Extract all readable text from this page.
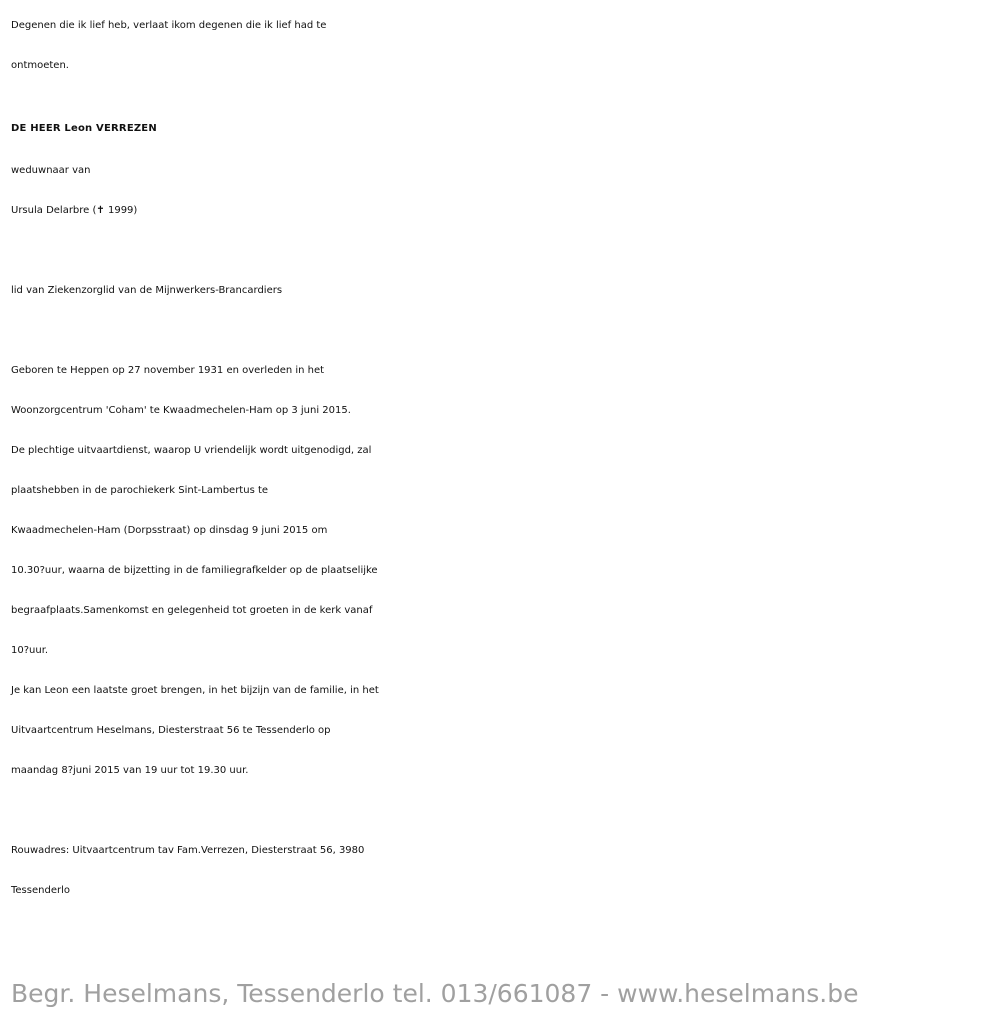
Degenen die ik lief heb, verlaat ikom degenen die ik lief had te

ontmoeten.

DE HEER Leon VERREZEN

weduwnaar van

Ursula Delarbre (✝ 1999)

lid van Ziekenzorglid van de Mijnwerkers-Brancardiers

Geboren te Heppen op 27 november 1931 en overleden in het

Woonzorgcentrum 'Coham' te Kwaadmechelen-Ham op 3 juni 2015.

De plechtige uitvaartdienst, waarop U vriendelijk wordt uitgenodigd, zal

plaatshebben in de parochiekerk Sint-Lambertus te

Kwaadmechelen-Ham (Dorpsstraat) op dinsdag 9 juni 2015 om

10.30?uur, waarna de bijzetting in de familiegrafkelder op de plaatselijke

begraafplaats.Samenkomst en gelegenheid tot groeten in de kerk vanaf

10?uur.

Je kan Leon een laatste groet brengen, in het bijzijn van de familie, in het

Uitvaartcentrum Heselmans, Diesterstraat 56 te Tessenderlo op

maandag 8?juni 2015 van 19 uur tot 19.30 uur.

Rouwadres: Uitvaartcentrum tav Fam.Verrezen, Diesterstraat 56, 3980

Tessenderlo

Begr. Heselmans, Tessenderlo tel. 013/661087 - www.heselmans.be
